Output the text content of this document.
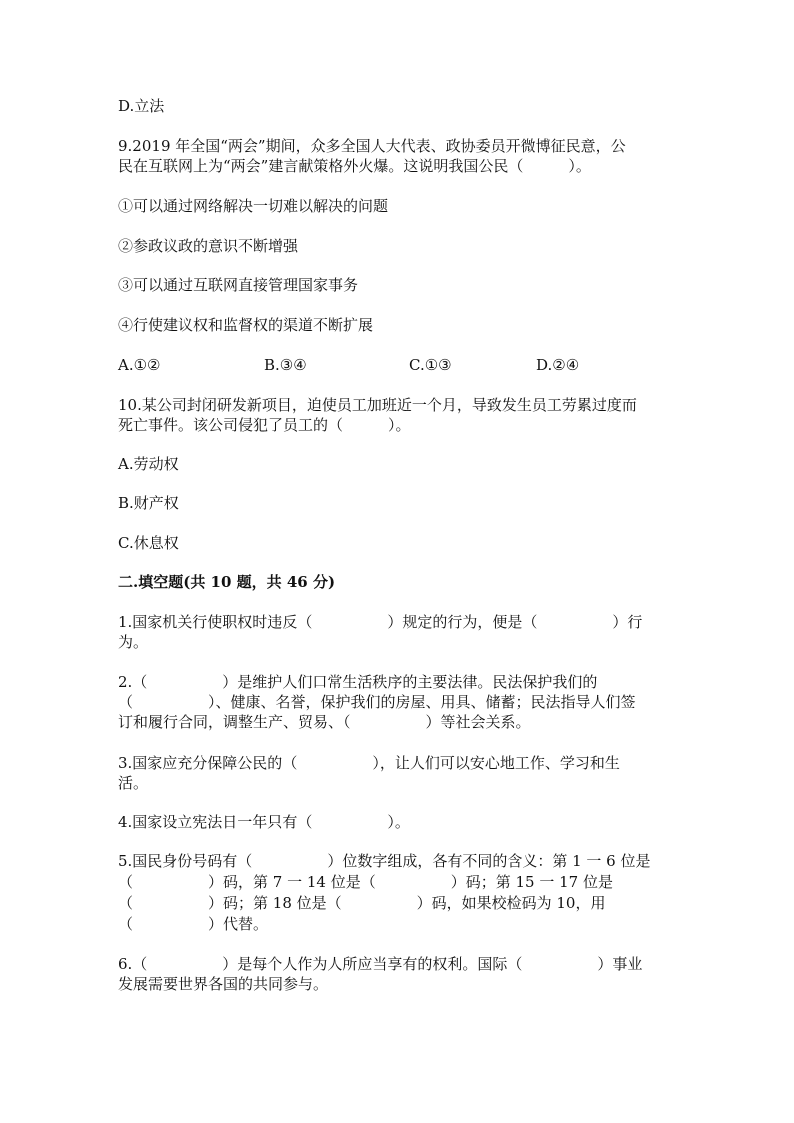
D.立法
9.2019 年全国“两会”期间，众多全国人大代表、政协委员开微博征民意，公
民在互联网上为“两会”建言献策格外火爆。这说明我国公民（　　　）。
①可以通过网络解决一切难以解决的问题
②参政议政的意识不断增强
③可以通过互联网直接管理国家事务
④行使建议权和监督权的渠道不断扩展
A.①②	B.③④	C.①③	D.②④
10.某公司封闭研发新项目，迫使员工加班近一个月，导致发生员工劳累过度而
死亡事件。该公司侵犯了员工的（　　　）。
A.劳动权
B.财产权
C.休息权
二.填空题(共 10 题，共 46 分)
1.国家机关行使职权时违反（　　　　　）规定的行为，便是（　　　　　）行
为。
2.（　　　　　）是维护人们口常生活秩序的主要法律。民法保护我们的
（　　　　　）、健康、名誉，保护我们的房屋、用具、储蓄；民法指导人们签
订和履行合同，调整生产、贸易、（　　　　　）等社会关系。
3.国家应充分保障公民的（　　　　　），让人们可以安心地工作、学习和生
活。
4.国家设立宪法日一年只有（　　　　　）。
5.国民身份号码有（　　　　　）位数字组成，各有不同的含义：第 1 一 6 位是
（　　　　　）码，第 7 一 14 位是（　　　　　）码；第 15 一 17 位是
（　　　　　）码；第 18 位是（　　　　　）码，如果校检码为 10，用
（　　　　　）代替。
6.（　　　　　）是每个人作为人所应当享有的权利。国际（　　　　　）事业
发展需要世界各国的共同参与。
